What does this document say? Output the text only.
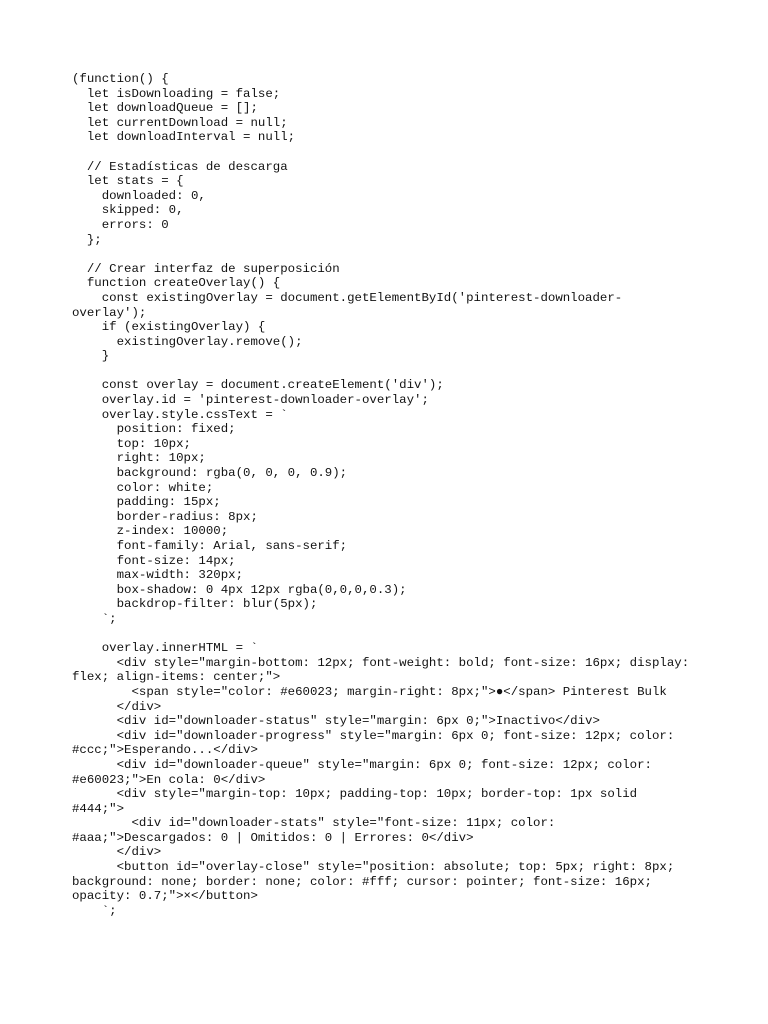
(function() {
let isDownloading = false;
let downloadQueue = [];
let currentDownload = null;
let downloadInterval = null;
// Estadísticas de descarga
let stats = {
downloaded: 0,
skipped: 0,
errors: 0
};
// Crear interfaz de superposición
function createOverlay() {
const existingOverlay = document.getElementById('pinterest-downloader-
overlay');
if (existingOverlay) {
existingOverlay.remove();
}
const overlay = document.createElement('div');
overlay.id = 'pinterest-downloader-overlay';
overlay.style.cssText = `
position: fixed;
top: 10px;
right: 10px;
background: rgba(0, 0, 0, 0.9);
color: white;
padding: 15px;
border-radius: 8px;
z-index: 10000;
font-family: Arial, sans-serif;
font-size: 14px;
max-width: 320px;
box-shadow: 0 4px 12px rgba(0,0,0,0.3);
backdrop-filter: blur(5px);
`;
overlay.innerHTML = `
<div style="margin-bottom: 12px; font-weight: bold; font-size: 16px; display:
flex; align-items: center;">
<span style="color: #e60023; margin-right: 8px;">●</span> Pinterest Bulk
</div>
<div id="downloader-status" style="margin: 6px 0;">Inactivo</div>
<div id="downloader-progress" style="margin: 6px 0; font-size: 12px; color:
#ccc;">Esperando...</div>
<div id="downloader-queue" style="margin: 6px 0; font-size: 12px; color:
#e60023;">En cola: 0</div>
<div style="margin-top: 10px; padding-top: 10px; border-top: 1px solid
#444;">
<div id="downloader-stats" style="font-size: 11px; color:
#aaa;">Descargados: 0 | Omitidos: 0 | Errores: 0</div>
</div>
<button id="overlay-close" style="position: absolute; top: 5px; right: 8px;
background: none; border: none; color: #fff; cursor: pointer; font-size: 16px;
opacity: 0.7;">×</button>
`;
